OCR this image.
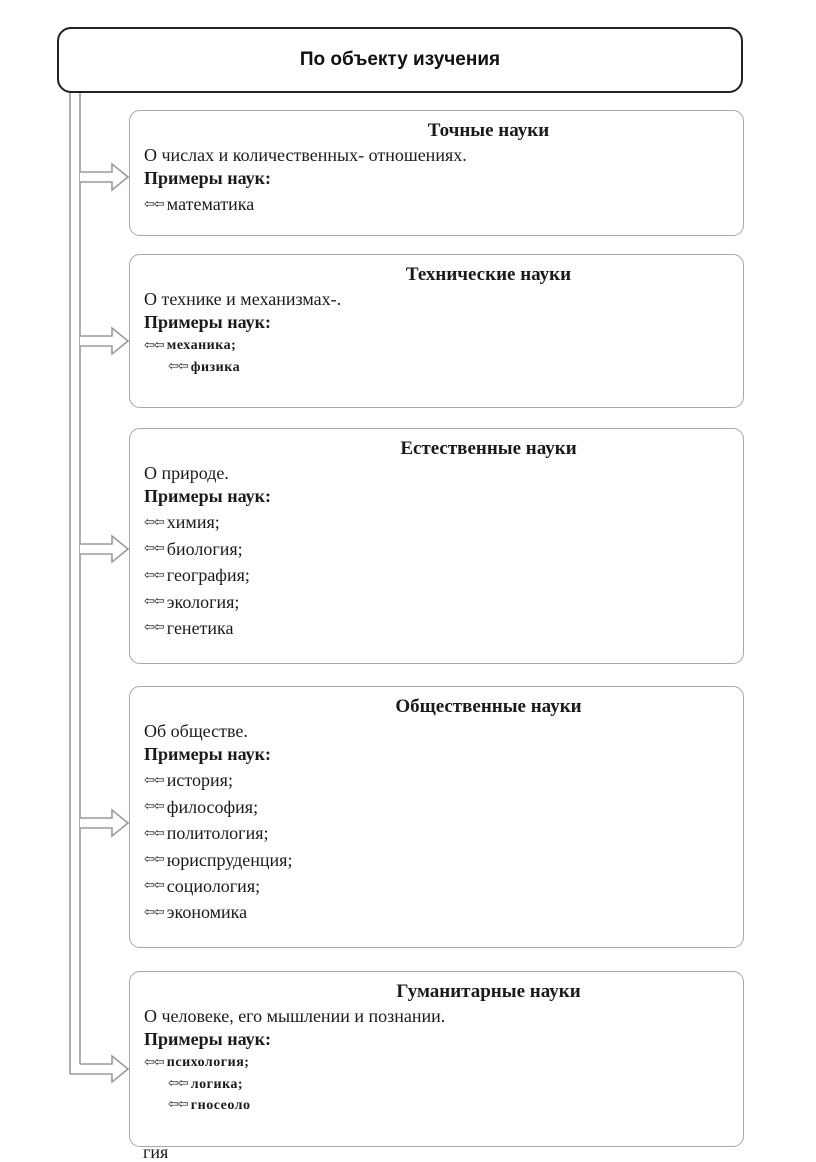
По объекту изучения
Точные науки

О числах и количественных- отношениях.

Примеры наук:

⇦⇦ математика
Технические науки

О технике и механизмах-.

Примеры наук:

⇦⇦ механика;
⇦⇦ физика
Естественные науки

О природе.

Примеры наук:

⇦⇦ химия;
⇦⇦ биология;
⇦⇦ география;
⇦⇦ экология;
⇦⇦ генетика
Общественные науки

Об обществе.

Примеры наук:

⇦⇦ история;
⇦⇦ философия;
⇦⇦ политология;
⇦⇦ юриспруденция;
⇦⇦ социология;
⇦⇦ экономика
Гуманитарные науки

О человеке, его мышлении и познании.

Примеры наук:

⇦⇦ психология;
⇦⇦ логика;
⇦⇦ гносеоло
гия
